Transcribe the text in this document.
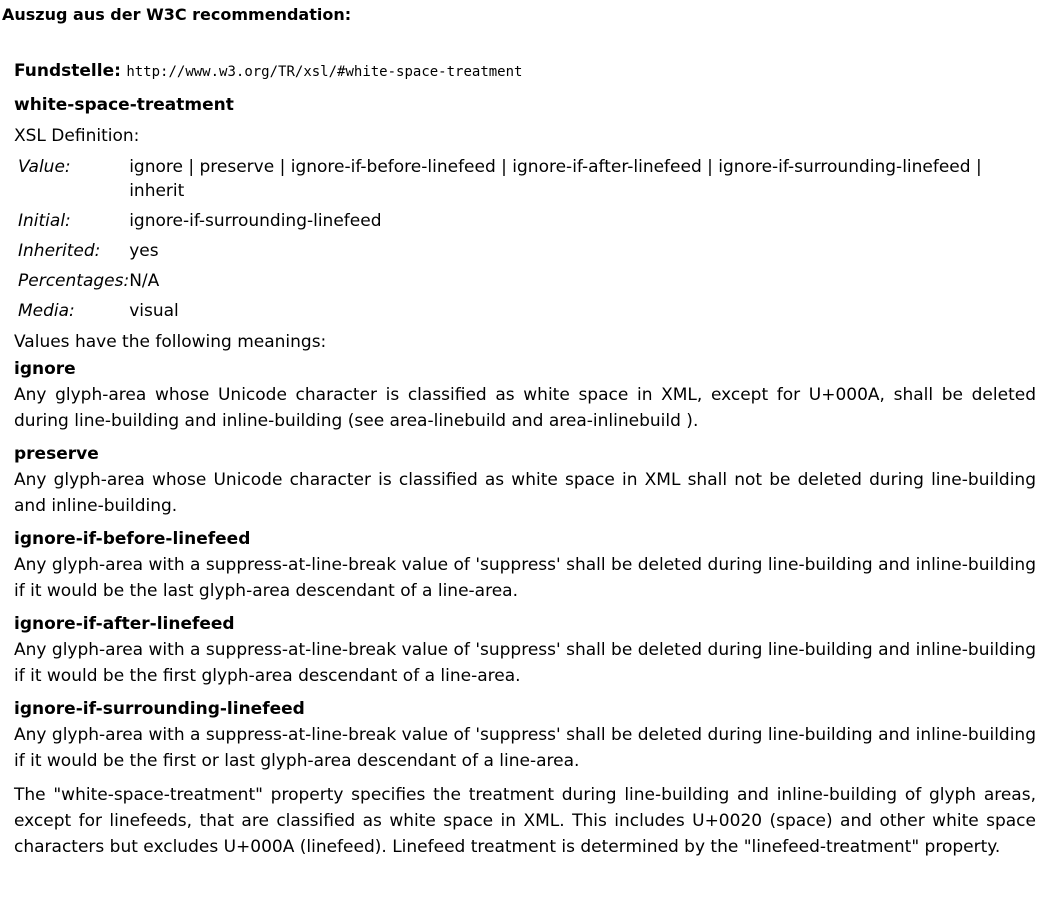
Auszug aus der W3C recommendation:
Fundstelle: http://www.w3.org/TR/xsl/#white-space-treatment
white-space-treatment
XSL Definition:
Value:	ignore | preserve | ignore-if-before-linefeed | ignore-if-after-linefeed | ignore-if-surrounding-linefeed | inherit
Initial:	ignore-if-surrounding-linefeed
Inherited:	yes
Percentages:	N/A
Media:	visual
Values have the following meanings:
ignore
Any glyph-area whose Unicode character is classified as white space in XML, except for U+000A, shall be deleted during line-building and inline-building (see area-linebuild and area-inlinebuild ).
preserve
Any glyph-area whose Unicode character is classified as white space in XML shall not be deleted during line-building and inline-building.
ignore-if-before-linefeed
Any glyph-area with a suppress-at-line-break value of 'suppress' shall be deleted during line-building and inline-building if it would be the last glyph-area descendant of a line-area.
ignore-if-after-linefeed
Any glyph-area with a suppress-at-line-break value of 'suppress' shall be deleted during line-building and inline-building if it would be the first glyph-area descendant of a line-area.
ignore-if-surrounding-linefeed
Any glyph-area with a suppress-at-line-break value of 'suppress' shall be deleted during line-building and inline-building if it would be the first or last glyph-area descendant of a line-area.
The "white-space-treatment" property specifies the treatment during line-building and inline-building of glyph areas, except for linefeeds, that are classified as white space in XML. This includes U+0020 (space) and other white space characters but excludes U+000A (linefeed). Linefeed treatment is determined by the "linefeed-treatment" property.
